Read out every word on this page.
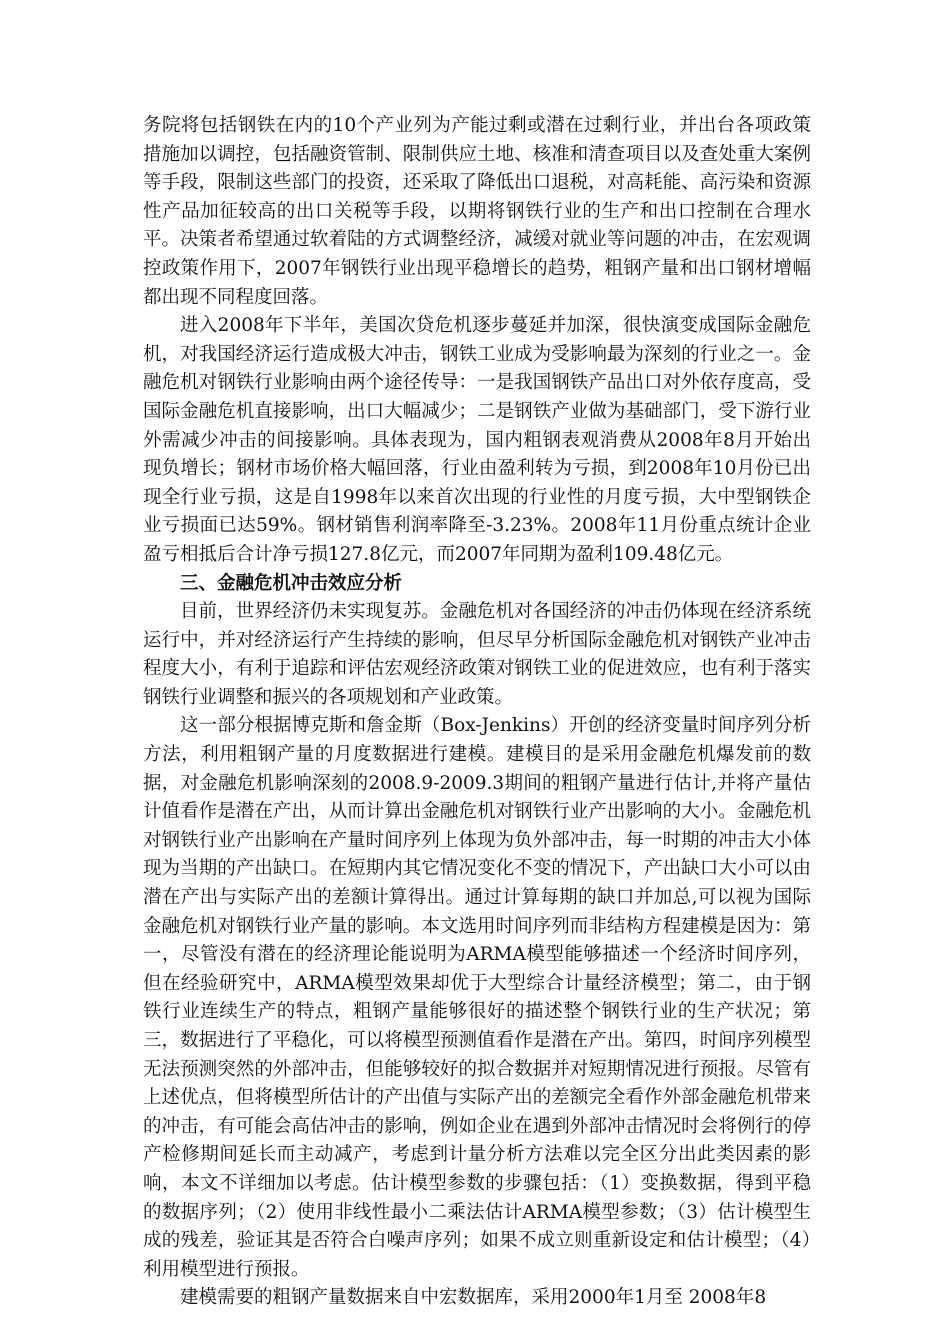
务院将包括钢铁在内的10个产业列为产能过剩或潜在过剩行业，并出台各项政策措施加以调控，包括融资管制、限制供应土地、核准和清查项目以及查处重大案例等手段，限制这些部门的投资，还采取了降低出口退税，对高耗能、高污染和资源性产品加征较高的出口关税等手段，以期将钢铁行业的生产和出口控制在合理水平。决策者希望通过软着陆的方式调整经济，减缓对就业等问题的冲击，在宏观调控政策作用下，2007年钢铁行业出现平稳增长的趋势，粗钢产量和出口钢材增幅都出现不同程度回落。

进入2008年下半年，美国次贷危机逐步蔓延并加深，很快演变成国际金融危机，对我国经济运行造成极大冲击，钢铁工业成为受影响最为深刻的行业之一。金融危机对钢铁行业影响由两个途径传导：一是我国钢铁产品出口对外依存度高，受国际金融危机直接影响，出口大幅减少；二是钢铁产业做为基础部门，受下游行业外需减少冲击的间接影响。具体表现为，国内粗钢表观消费从2008年8月开始出现负增长；钢材市场价格大幅回落，行业由盈利转为亏损，到2008年10月份已出现全行业亏损，这是自1998年以来首次出现的行业性的月度亏损，大中型钢铁企业亏损面已达59%。钢材销售利润率降至-3.23%。2008年11月份重点统计企业盈亏相抵后合计净亏损127.8亿元，而2007年同期为盈利109.48亿元。

三、金融危机冲击效应分析

目前，世界经济仍未实现复苏。金融危机对各国经济的冲击仍体现在经济系统运行中，并对经济运行产生持续的影响，但尽早分析国际金融危机对钢铁产业冲击程度大小，有利于追踪和评估宏观经济政策对钢铁工业的促进效应，也有利于落实钢铁行业调整和振兴的各项规划和产业政策。

这一部分根据博克斯和詹金斯（Box-Jenkins）开创的经济变量时间序列分析方法，利用粗钢产量的月度数据进行建模。建模目的是采用金融危机爆发前的数据，对金融危机影响深刻的2008.9-2009.3期间的粗钢产量进行估计,并将产量估计值看作是潜在产出，从而计算出金融危机对钢铁行业产出影响的大小。金融危机对钢铁行业产出影响在产量时间序列上体现为负外部冲击，每一时期的冲击大小体现为当期的产出缺口。在短期内其它情况变化不变的情况下，产出缺口大小可以由潜在产出与实际产出的差额计算得出。通过计算每期的缺口并加总,可以视为国际金融危机对钢铁行业产量的影响。本文选用时间序列而非结构方程建模是因为：第一，尽管没有潜在的经济理论能说明为ARMA模型能够描述一个经济时间序列，但在经验研究中，ARMA模型效果却优于大型综合计量经济模型；第二，由于钢铁行业连续生产的特点，粗钢产量能够很好的描述整个钢铁行业的生产状况；第三，数据进行了平稳化，可以将模型预测值看作是潜在产出。第四，时间序列模型无法预测突然的外部冲击，但能够较好的拟合数据并对短期情况进行预报。尽管有上述优点，但将模型所估计的产出值与实际产出的差额完全看作外部金融危机带来的冲击，有可能会高估冲击的影响，例如企业在遇到外部冲击情况时会将例行的停产检修期间延长而主动减产，考虑到计量分析方法难以完全区分出此类因素的影响，本文不详细加以考虑。估计模型参数的步骤包括：（1）变换数据，得到平稳的数据序列；（2）使用非线性最小二乘法估计ARMA模型参数；（3）估计模型生成的残差，验证其是否符合白噪声序列；如果不成立则重新设定和估计模型；（4）利用模型进行预报。

建模需要的粗钢产量数据来自中宏数据库，采用2000年1月至 2008年8
